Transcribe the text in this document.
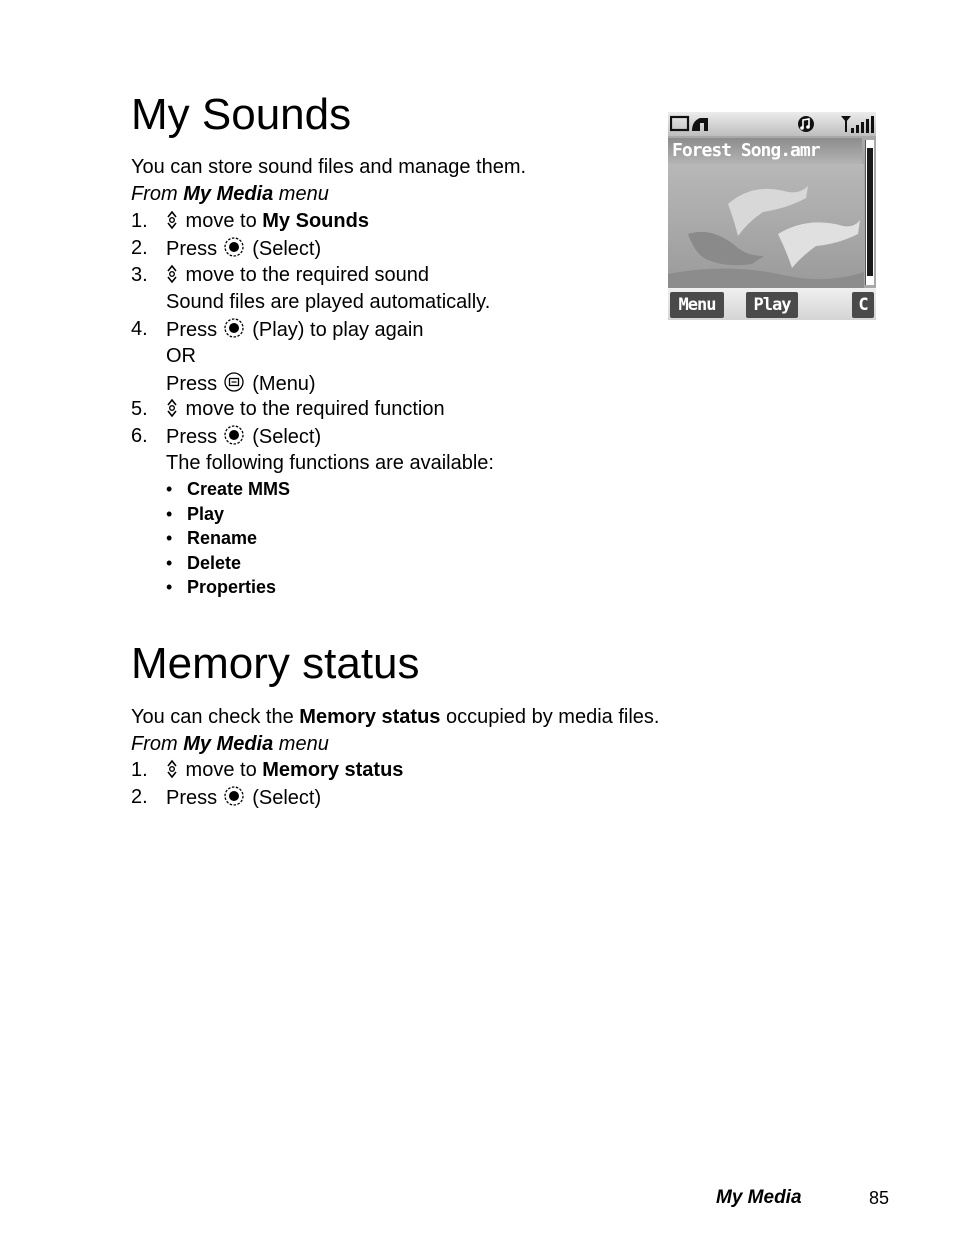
My Sounds
You can store sound files and manage them.
From My Media menu
1.	move to My Sounds
2. Press  (Select)
3.	move to the required sound
Sound files are played automatically.
4. Press  (Play) to play again
OR
Press  (Menu)
5.	move to the required function
6. Press  (Select)
The following functions are available:
• Create MMS
• Play
• Rename
• Delete
• Properties
Forest Song.amr
Menu	Play	C
Memory status
You can check the Memory status occupied by media files.
From My Media menu
1.	move to Memory status
2. Press  (Select)
My Media	85
